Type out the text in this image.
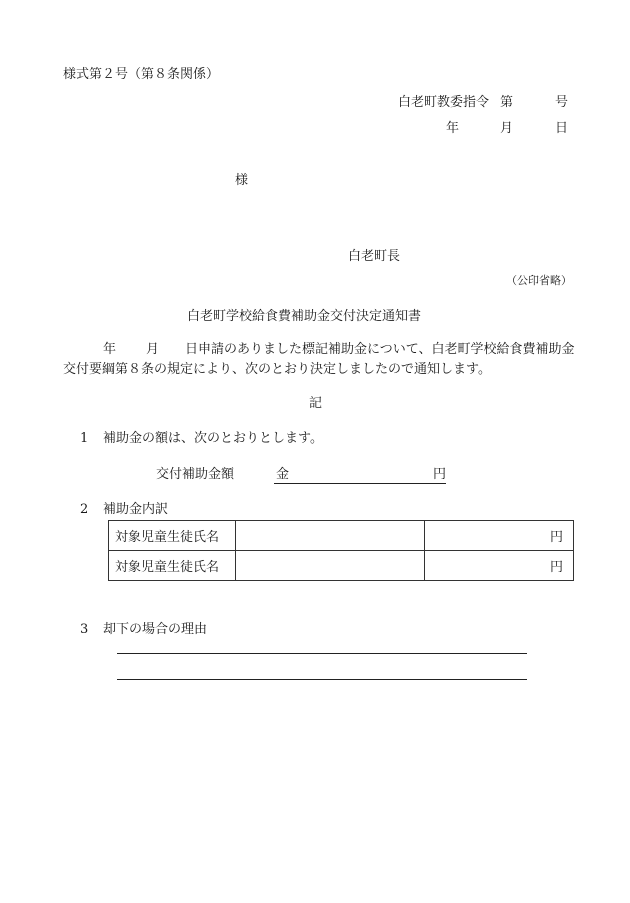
様式第２号（第８条関係）
白老町教委指令 第	号
年	月	日
様
白老町長
（公印省略）
白老町学校給食費補助金交付決定通知書
年 月 日申請のありました標記補助金について、白老町学校給食費補助金交付要綱第８条の規定により、次のとおり決定しましたので通知します。
記
1 補助金の額は、次のとおりとします。
交付補助金額	金	円
2 補助金内訳
対象児童生徒氏名		円
対象児童生徒氏名		円
3 却下の場合の理由
